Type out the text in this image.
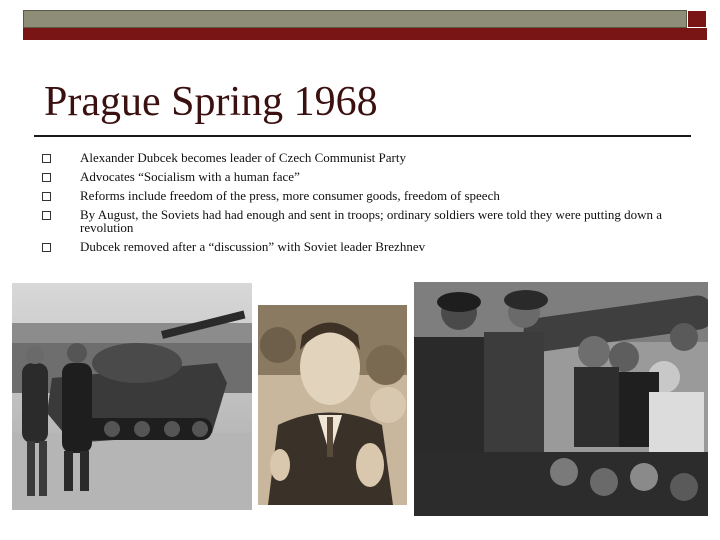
Prague Spring 1968
Alexander Dubcek becomes leader of Czech Communist Party
Advocates “Socialism with a human face”
Reforms include freedom of the press, more consumer goods, freedom of speech
By August, the Soviets had had enough and sent in troops; ordinary soldiers were told they were putting down a revolution
Dubcek removed after a “discussion” with Soviet leader Brezhnev
